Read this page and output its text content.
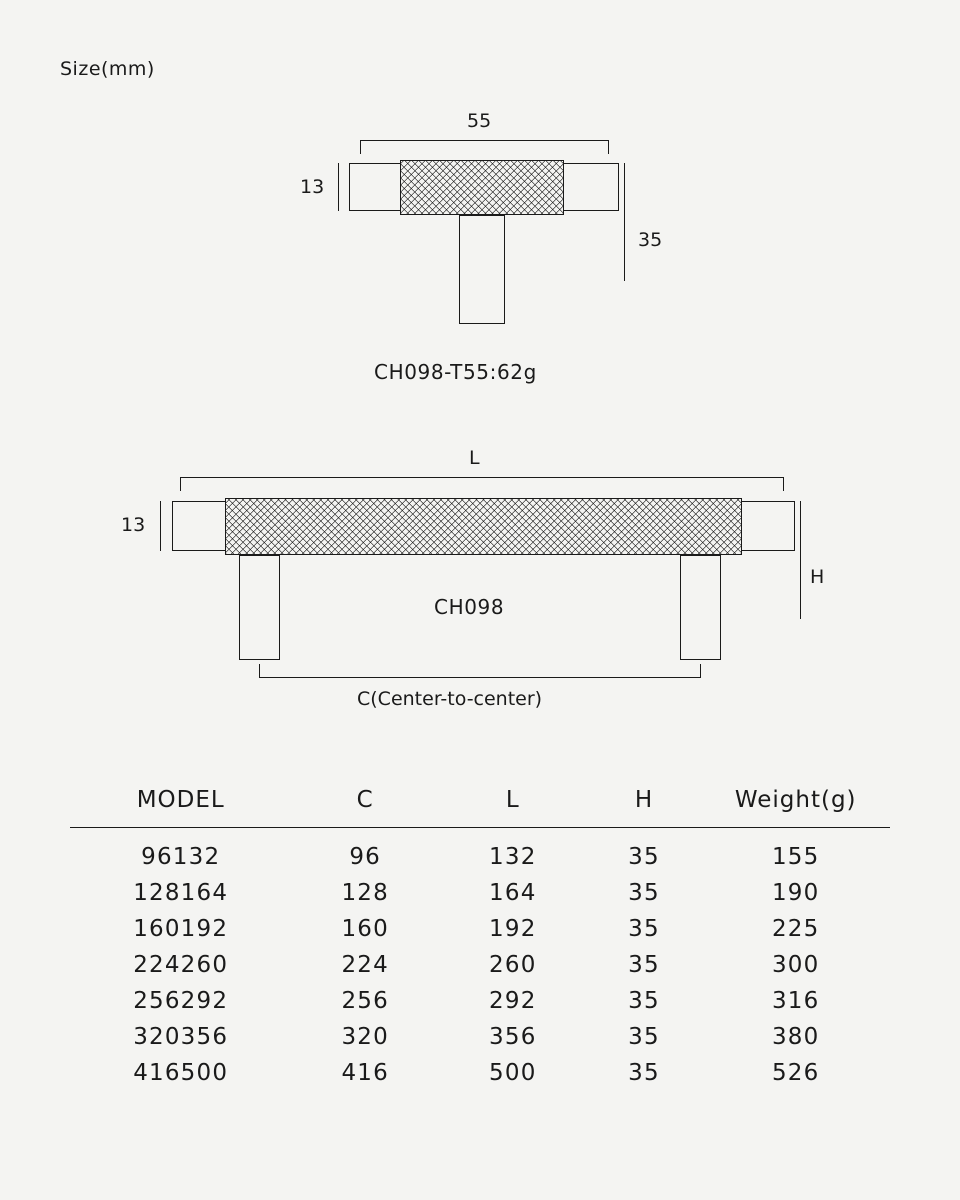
Size(mm)
55
13
35
CH098-T55:62g
L
13
H
CH098
C(Center-to-center)
MODEL	C	L	H	Weight(g)
96132	96	132	35	155
128164	128	164	35	190
160192	160	192	35	225
224260	224	260	35	300
256292	256	292	35	316
320356	320	356	35	380
416500	416	500	35	526
